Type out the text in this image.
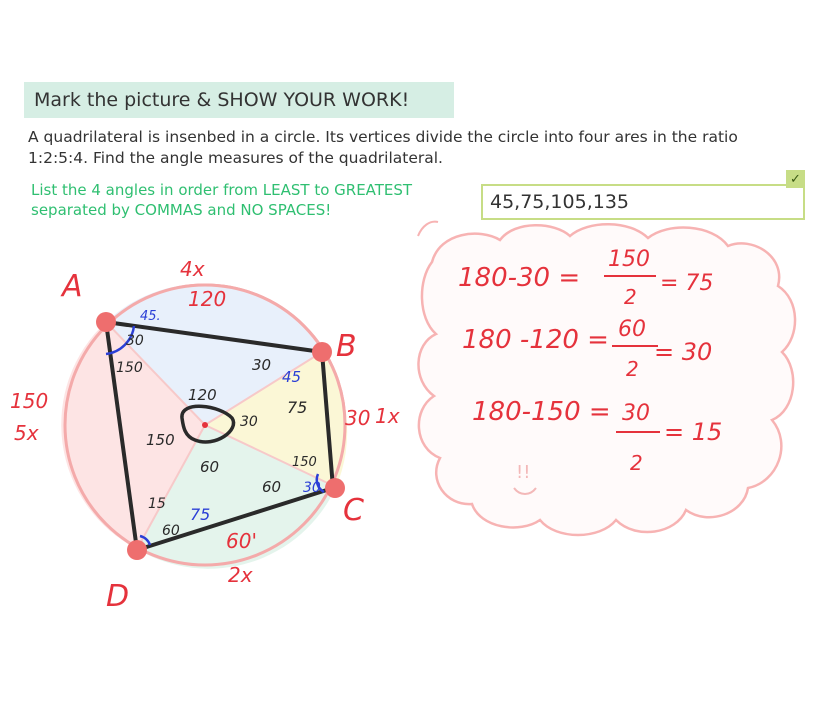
Mark the picture & SHOW YOUR WORK!
A quadrilateral is insenbed in a circle. Its vertices divide the circle into four ares in the ratio 1:2:5:4. Find the angle measures of the quadrilateral.
List the 4 angles in order from LEAST to GREATEST separated by COMMAS and NO SPACES!	45,75,105,135
✓
A
B
C
D
4x
120
150
5x
30 1x
60'
2x
45.
30
150	30
45
75
120
30
150
60
60
150
30
15
60
75
180-30 =
150
2
= 75
180 -120 = 60
2
= 30
180-150 = 30
2
= 15
!!
